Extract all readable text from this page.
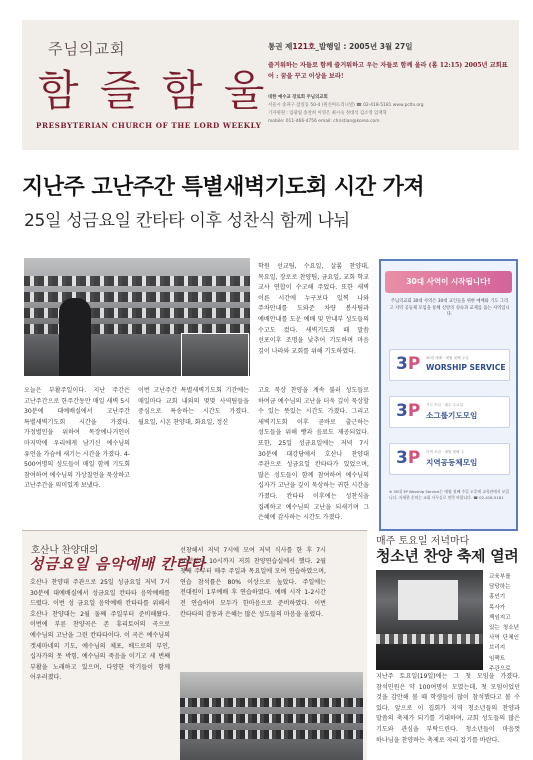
주님의교회
함 즐 함 울
PRESBYTERIAN CHURCH OF THE LORD WEEKLY
통권 제121호_발행일 : 2005년 3월 27일
즐거워하는 자들로 함께 즐거워하고 우는 자들로 함께 울라 (롬 12:15) 2005년 교회표어 : 꿈을 꾸고 이상을 보라!
대한 예수교 장로회 주님의교회
서울시 송파구 잠실동 50-4 (원신아뜨리니빌) ☎ 02-418-5181 www.pcltv.org
기자위원 : 임광림 송찬희 이영은 최시숙 정대석 김소영 임재혁
mobile: 011-466-4756 email: christian@korea.com
지난주 고난주간 특별새벽기도회 시간 가져
25일 성금요일 칸타타 이후 성찬식 함께 나눠
오늘은 부활주일이다. 지난 주간은 고난주간으로 한주간동안 매일 새벽 5시 30분에 대예배실에서 고난주간 특별새벽기도회 시간을 가졌다. 가정별인을 위하여 목장예나거인이 마지막에 우리에게 남기신 예수님의 유언을 가슴에 새기는 시간을 가졌다. 4-500여명의 성도들이 매일 함께 기도회 참여하여 예수님의 가상칠언을 묵상하고 고난주간을 의미있게 보냈다.
이번 고난주간 특별새벽기도회 기간에는 매일마다 교회 내외의 몇몇 사역팀들을 중심으로 특송하는 시간도 가졌다. 월요일, 시온 찬양대, 화요일, 정신
학원 선교팀, 수요일, 살롬 찬양대, 목요일, 장로로 찬양팀, 금요일, 교회 학교 교사 연합이 수고해 주었다. 또한 새벽 이른 시간에 누구보다 일찍 나와 주차안내를 도와준 차량 봉사팀과 예배안내를 도운 예배 및 안내부 성도들의 수고도 컸다. 새벽기도회 때 말씀 선포이후 조명을 낮추어 기도하며 마음 깊이 나라와 교회를 위해 기도하였다.
고요 묵상 찬양을 계속 불러 성도들로 하여금 예수님의 고난을 더욱 깊이 묵상할 수 있는 뜻있는 시간도 가졌다. 그리고 새벽기도회 이후 곧바로 출근하는 성도들을 위해 빵과 음료도 제공되었다. 또한, 25일 성금요일에는 저녁 7시 30분에 대강당에서 호산나 찬양대 주관으로 성금요일 칸타타가 있었으며, 많은 성도들이 함께 참여하여 예수님의 십자가 고난을 깊이 묵상하는 귀한 시간을 가졌다. 칸타타 이후에는 성찬식을 집례하고 예수님의 고난을 되새기며 그 은혜에 감사하는 시간도 가졌다.
30대 사역이 시작됩니다!
주님의교회 30대 사역은 30대 교인들을 위한 예배와 기도 그리고 지역 공동체 모임을 통해 신앙의 성숙과 교제를 돕는 사역입니다.
3P 30대 예배 · 매월 첫째 주일
WORSHIP SERVICE
3P 기도 모임 · 매주 수요일
소그룹기도모임
3P 지역 모임 · 매월 셋째 주
지역공동체모임
※ 30대 3P Worship Service는 매월 첫째 주일 오후에 교육관에서 모입니다. 자세한 문의는 교회 사무실로 연락 바랍니다. ☎ 02-418-5181
호산나 찬양대의
성금요일 음악예배 칸타타
호산나 찬양대 주관으로 25일 성금요일 저녁 7시 30분에 대예배실에서 성금요일 칸타타 음악예배를 드렸다. 이번 성 금요일 음악예배 칸타타를 위해서 호산나 찬양대는 2월 둘째 주일부터 준비해왔다. 이번에 부른 찬양곡은 존 휴리토어의 곡으로 예수님의 고난을 그린 칸타타이다. 이 곡은 예수님의 겟세마네의 기도, 예수님의 체포, 베드로의 부인, 십자가의 못 박힘, 예수님의 죽음을 이기고 세 번째 부활을 노래하고 있으며, 다양한 악기들이 함께 어우러졌다.
선창해서 저녁 7시에 모여 저녁 식사를 한 후 7시 30분부터 10시까지 저희 찬양연습실에서 했다. 2월 첫째 주부터 매주 주일과 목요일에 모여 연습하였으며, 연습 참석률은 80% 이상으로 높았다. 주일에는 전대원이 1부예배 후 연습하였다. 예배 시작 1-2시간 전 연습하며 모두가 한마음으로 준비하였다. 이번 칸타타의 감동과 은혜는 많은 성도들의 마음을 울렸다.
매주 토요일 저녁마다
청소년 찬양 축제 열려
교육부를 담당하는 홍인기 목사가 책임지고 있는 청소년 사역 단체인 브리지 임팩트 주관으로
지난주 토요일(19일)에는 그 첫 모임을 가졌다. 참석인원은 약 100여명이 모였는데, 첫 모임이었던 것을 감안해 볼 때 학생들이 많이 참석했다고 볼 수 있다. 앞으로 이 집회가 지역 청소년들의 찬양과 말씀의 축제가 되기를 기대하며, 교회 성도들의 많은 기도와 관심을 부탁드린다. 청소년들이 마음껏 하나님을 찬양하는 축제로 자리 잡기를 바란다.
